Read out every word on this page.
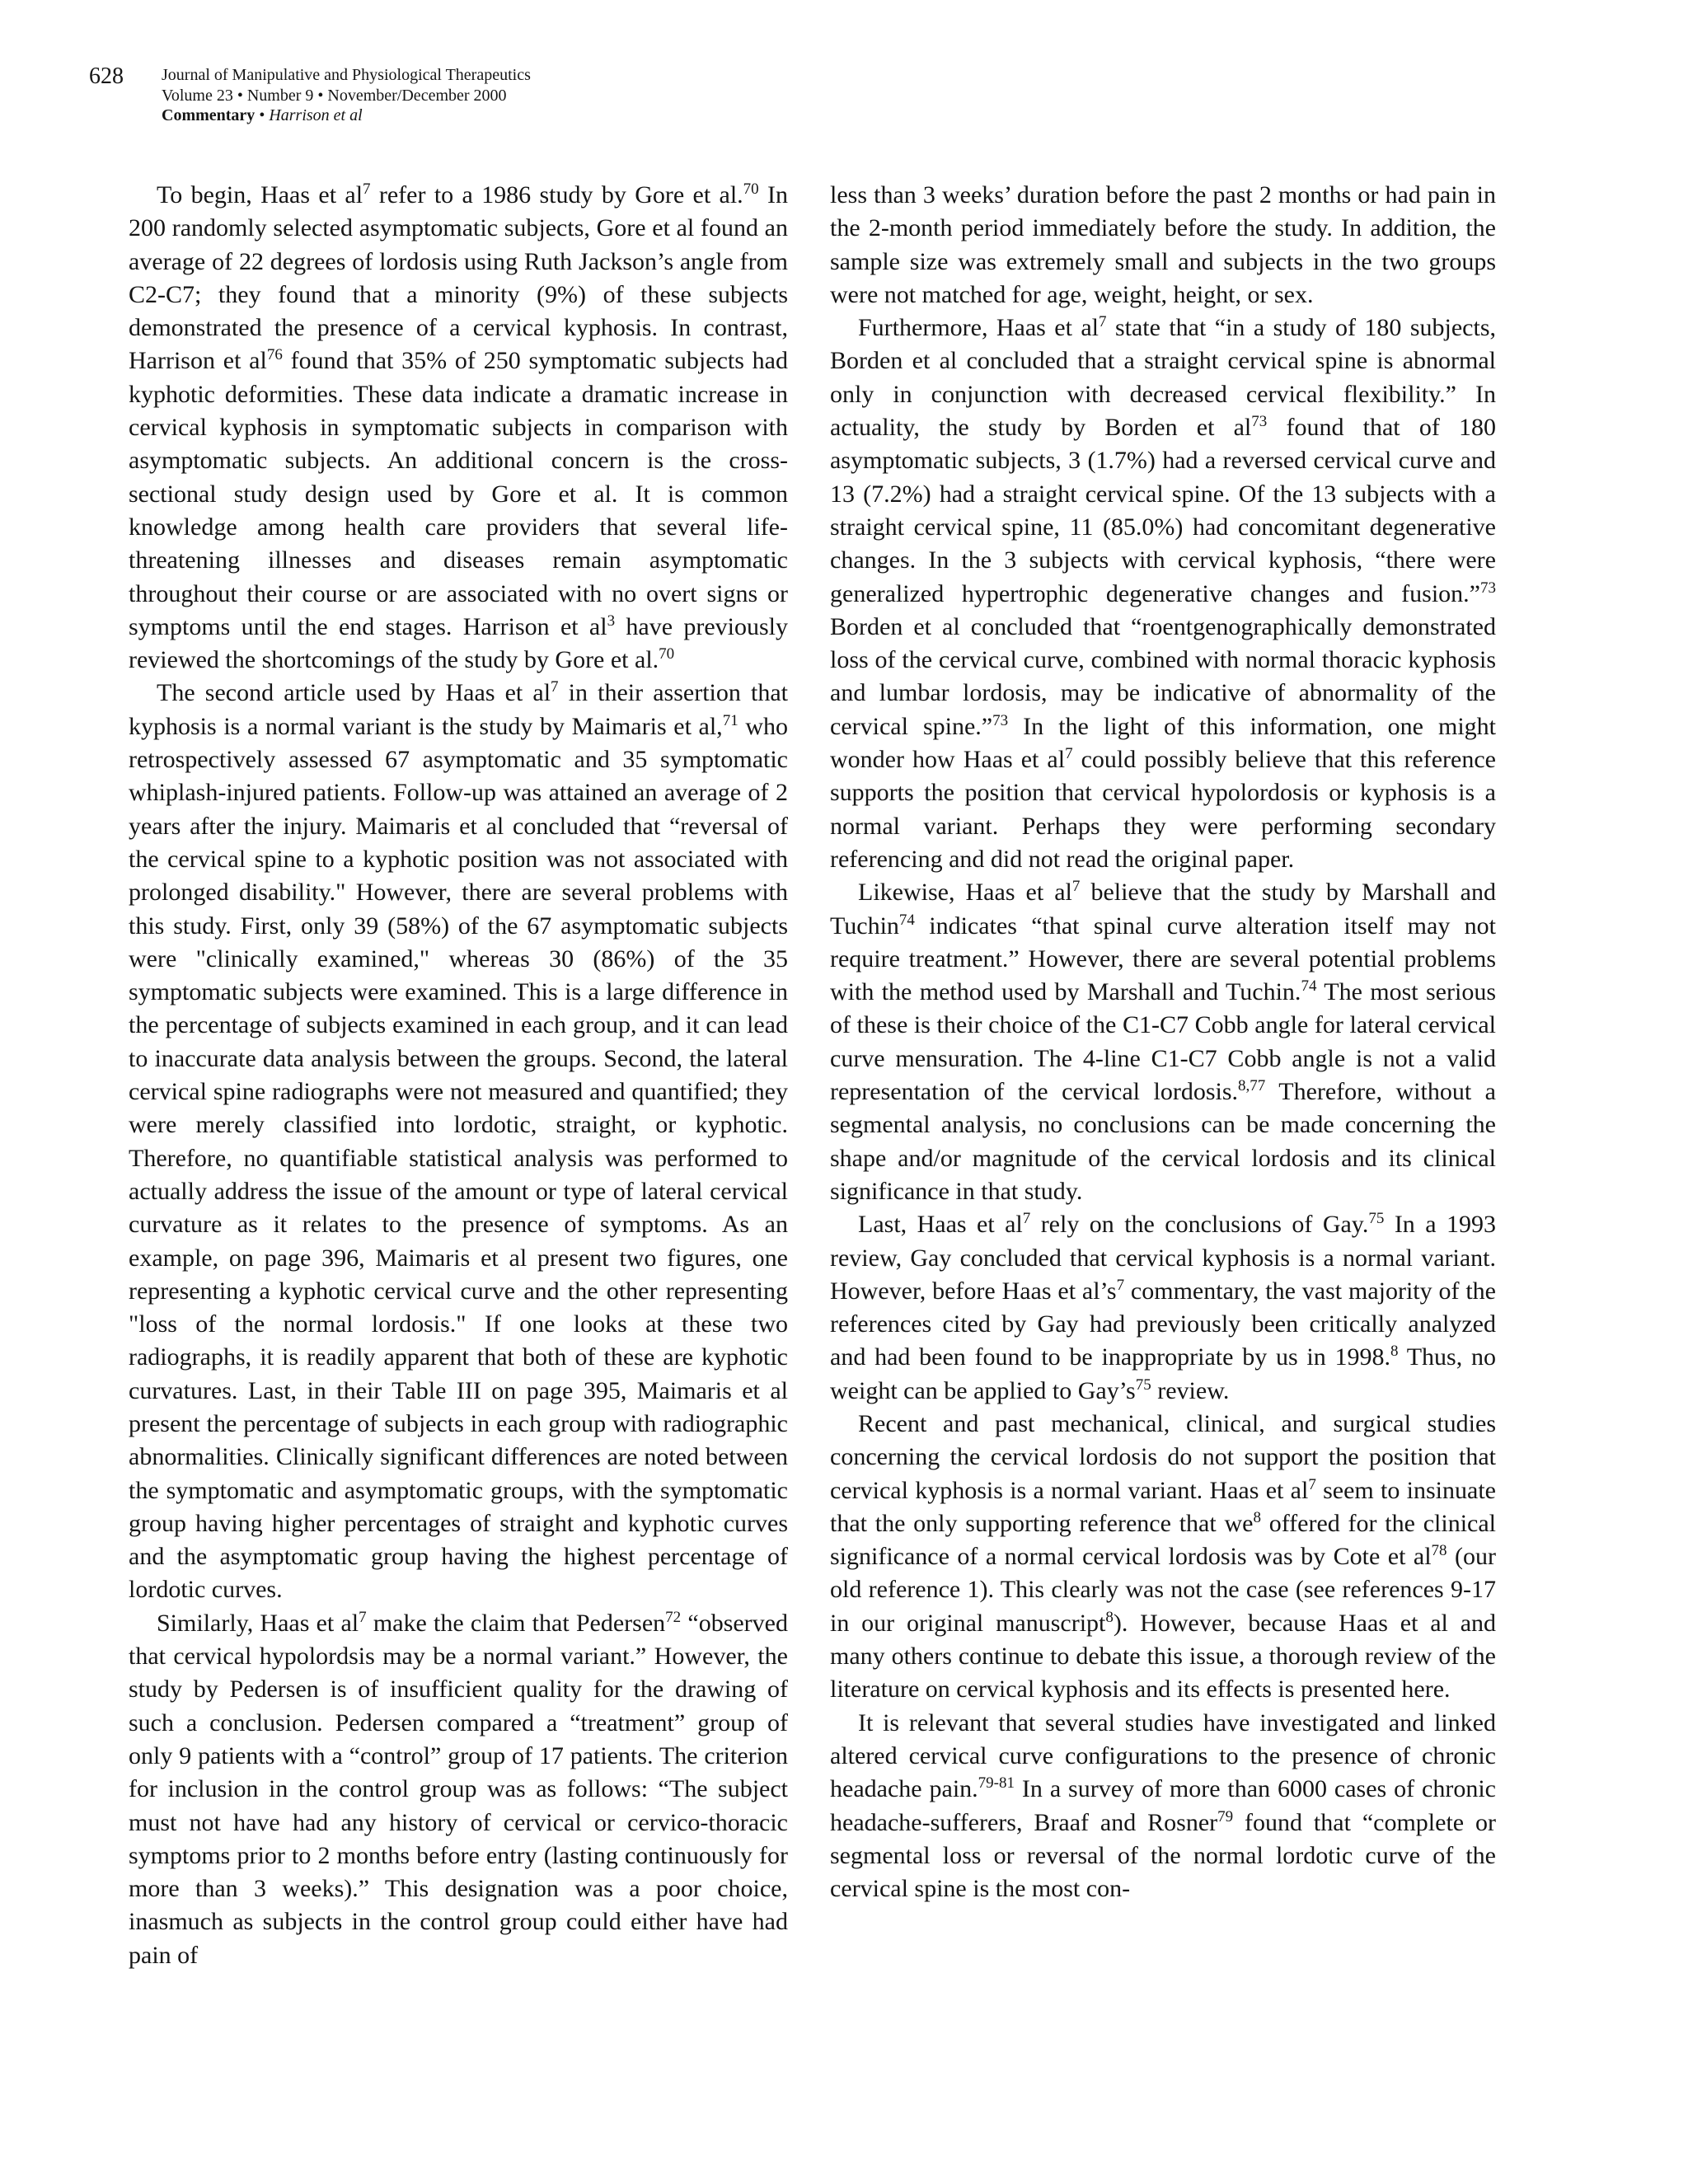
628 Journal of Manipulative and Physiological Therapeutics
Volume 23 • Number 9 • November/December 2000
Commentary • Harrison et al

To begin, Haas et $al^7$ refer to a 1986 study by Gore et al.$^{70}$ In 200 randomly selected asymptomatic subjects, Gore et al found an average of 22 degrees of lordosis using Ruth Jackson’s angle from C2-C7; they found that a minority (9%) of these subjects demonstrated the presence of a cervical kyphosis. In contrast, Harrison et $al^{76}$ found that 35% of 250 symptomatic subjects had kyphotic deformities. These data indicate a dramatic increase in cervical kyphosis in symptomatic subjects in comparison with asymptomatic subjects. An additional concern is the cross-sectional study design used by Gore et al. It is common knowledge among health care providers that several life-threatening illnesses and diseases remain asymptomatic throughout their course or are associated with no overt signs or symptoms until the end stages. Harrison et $al^3$ have previously reviewed the shortcomings of the study by Gore et al.$^{70}$

The second article used by Haas et $al^7$ in their assertion that kyphosis is a normal variant is the study by Maimaris et al,$^{71}$ who retrospectively assessed 67 asymptomatic and 35 symptomatic whiplash-injured patients. Follow-up was attained an average of 2 years after the injury. Maimaris et al concluded that “reversal of the cervical spine to a kyphotic position was not associated with prolonged disability." However, there are several problems with this study. First, only 39 (58%) of the 67 asymptomatic subjects were "clinically examined," whereas 30 (86%) of the 35 symptomatic subjects were examined. This is a large difference in the percentage of subjects examined in each group, and it can lead to inaccurate data analysis between the groups. Second, the lateral cervical spine radiographs were not measured and quantified; they were merely classified into lordotic, straight, or kyphotic. Therefore, no quantifiable statistical analysis was performed to actually address the issue of the amount or type of lateral cervical curvature as it relates to the presence of symptoms. As an example, on page 396, Maimaris et al present two figures, one representing a kyphotic cervical curve and the other representing "loss of the normal lordosis." If one looks at these two radiographs, it is readily apparent that both of these are kyphotic curvatures. Last, in their Table III on page 395, Maimaris et al present the percentage of subjects in each group with radiographic abnormalities. Clinically significant differences are noted between the symptomatic and asymptomatic groups, with the symptomatic group having higher percentages of straight and kyphotic curves and the asymptomatic group having the highest percentage of lordotic curves.

Similarly, Haas et $al^7$ make the claim that Pedersen$^{72}$ “observed that cervical hypolordsis may be a normal variant.” However, the study by Pedersen is of insufficient quality for the drawing of such a conclusion. Pedersen compared a “treatment” group of only 9 patients with a “control” group of 17 patients. The criterion for inclusion in the control group was as follows: “The subject must not have had any history of cervical or cervico-thoracic symptoms prior to 2 months before entry (lasting continuously for more than 3 weeks).” This designation was a poor choice, inasmuch as subjects in the control group could either have had pain of

less than 3 weeks’ duration before the past 2 months or had pain in the 2-month period immediately before the study. In addition, the sample size was extremely small and subjects in the two groups were not matched for age, weight, height, or sex.

Furthermore, Haas et $al^7$ state that “in a study of 180 subjects, Borden et al concluded that a straight cervical spine is abnormal only in conjunction with decreased cervical flexibility.” In actuality, the study by Borden et $al^{73}$ found that of 180 asymptomatic subjects, 3 (1.7%) had a reversed cervical curve and 13 (7.2%) had a straight cervical spine. Of the 13 subjects with a straight cervical spine, 11 (85.0%) had concomitant degenerative changes. In the 3 subjects with cervical kyphosis, “there were generalized hypertrophic degenerative changes and fusion.”$^{73}$ Borden et al concluded that “roentgenographically demonstrated loss of the cervical curve, combined with normal thoracic kyphosis and lumbar lordosis, may be indicative of abnormality of the cervical spine.”$^{73}$ In the light of this information, one might wonder how Haas et $al^7$ could possibly believe that this reference supports the position that cervical hypolordosis or kyphosis is a normal variant. Perhaps they were performing secondary referencing and did not read the original paper.

Likewise, Haas et $al^7$ believe that the study by Marshall and Tuchin$^{74}$ indicates “that spinal curve alteration itself may not require treatment.” However, there are several potential problems with the method used by Marshall and Tuchin.$^{74}$ The most serious of these is their choice of the C1-C7 Cobb angle for lateral cervical curve mensuration. The 4-line C1-C7 Cobb angle is not a valid representation of the cervical lordosis.$^{8,77}$ Therefore, without a segmental analysis, no conclusions can be made concerning the shape and/or magnitude of the cervical lordosis and its clinical significance in that study.

Last, Haas et $al^7$ rely on the conclusions of Gay.$^{75}$ In a 1993 review, Gay concluded that cervical kyphosis is a normal variant. However, before Haas et $al’s^7$ commentary, the vast majority of the references cited by Gay had previously been critically analyzed and had been found to be inappropriate by us in 1998.$^8$ Thus, no weight can be applied to $Gay’s^{75}$ review.

Recent and past mechanical, clinical, and surgical studies concerning the cervical lordosis do not support the position that cervical kyphosis is a normal variant. Haas et $al^7$ seem to insinuate that the only supporting reference that $we^8$ offered for the clinical significance of a normal cervical lordosis was by Cote et $al^{78}$ (our old reference 1). This clearly was not the case (see references 9-17 in our original manuscript$^8$). However, because Haas et al and many others continue to debate this issue, a thorough review of the literature on cervical kyphosis and its effects is presented here.

It is relevant that several studies have investigated and linked altered cervical curve configurations to the presence of chronic headache pain.$^{79-81}$ In a survey of more than 6000 cases of chronic headache-sufferers, Braaf and Rosner$^{79}$ found that “complete or segmental loss or reversal of the normal lordotic curve of the cervical spine is the most con-
